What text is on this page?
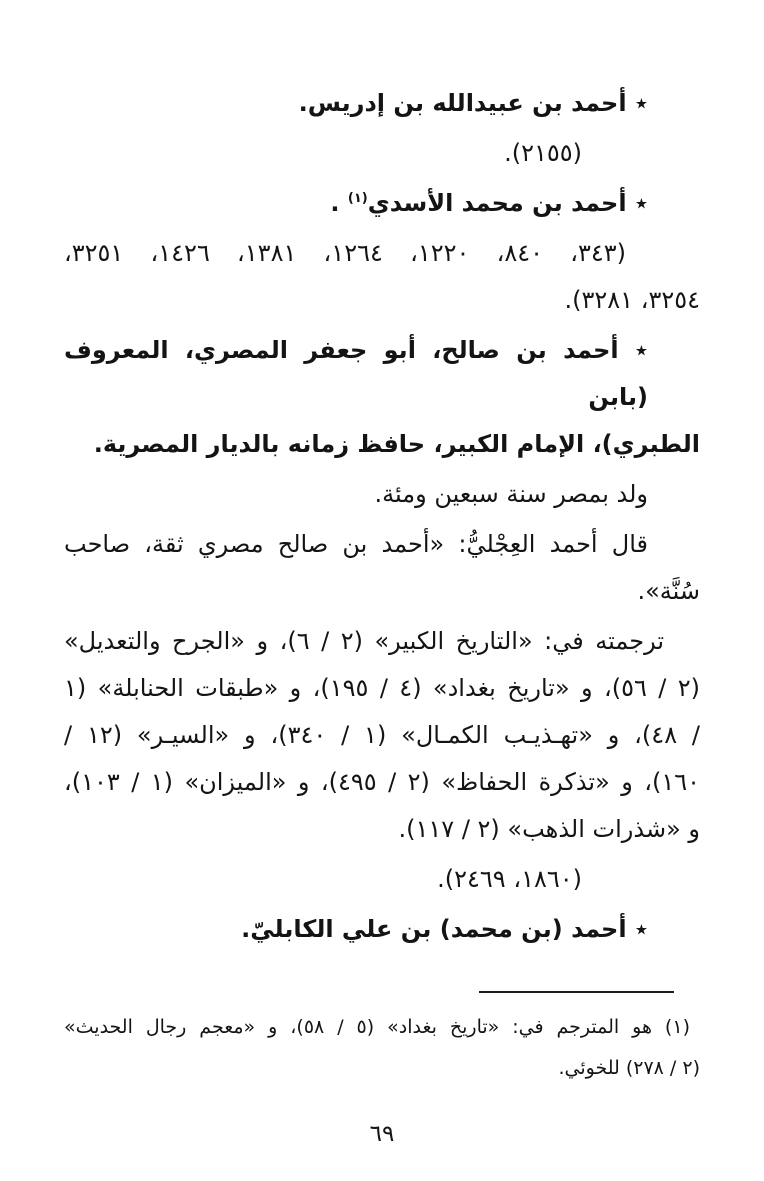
٭ أحمد بن عبيدالله بن إدريس.
(٢١٥٥).
٭ أحمد بن محمد الأسدي$^{(١)}$ .
(٣٤٣، ٨٤٠، ١٢٢٠، ١٢٦٤، ١٣٨١، ١٤٢٦، ٣٢٥١،
٣٢٥٤، ٣٢٨١).
٭ أحمد بن صالح، أبو جعفر المصري، المعروف (بابن
الطبري)، الإمام الكبير، حافظ زمانه بالديار المصرية.
ولد بمصر سنة سبعين ومئة.
قال أحمد العِجْليُّ: «أحمد بن صالح مصري ثقة، صاحب
سُنَّة».
ترجمته في: «التاريخ الكبير» (٢ / ٦)، و «الجرح والتعديل»
(٢ / ٥٦)، و «تاريخ بغداد» (٤ / ١٩٥)، و «طبقات الحنابلة» (١
/ ٤٨)، و «تهـذيـب الكمـال» (١ / ٣٤٠)، و «السيـر» (١٢ /
١٦٠)، و «تذكرة الحفاظ» (٢ / ٤٩٥)، و «الميزان» (١ / ١٠٣)،
و «شذرات الذهب» (٢ / ١١٧).
(١٨٦٠، ٢٤٦٩).
٭ أحمد (بن محمد) بن علي الكابليّ.
(١) هو المترجم في: «تاريخ بغداد» (٥ / ٥٨)، و «معجم رجال الحديث»
(٢ / ٢٧٨) للخوئي.
٦٩
